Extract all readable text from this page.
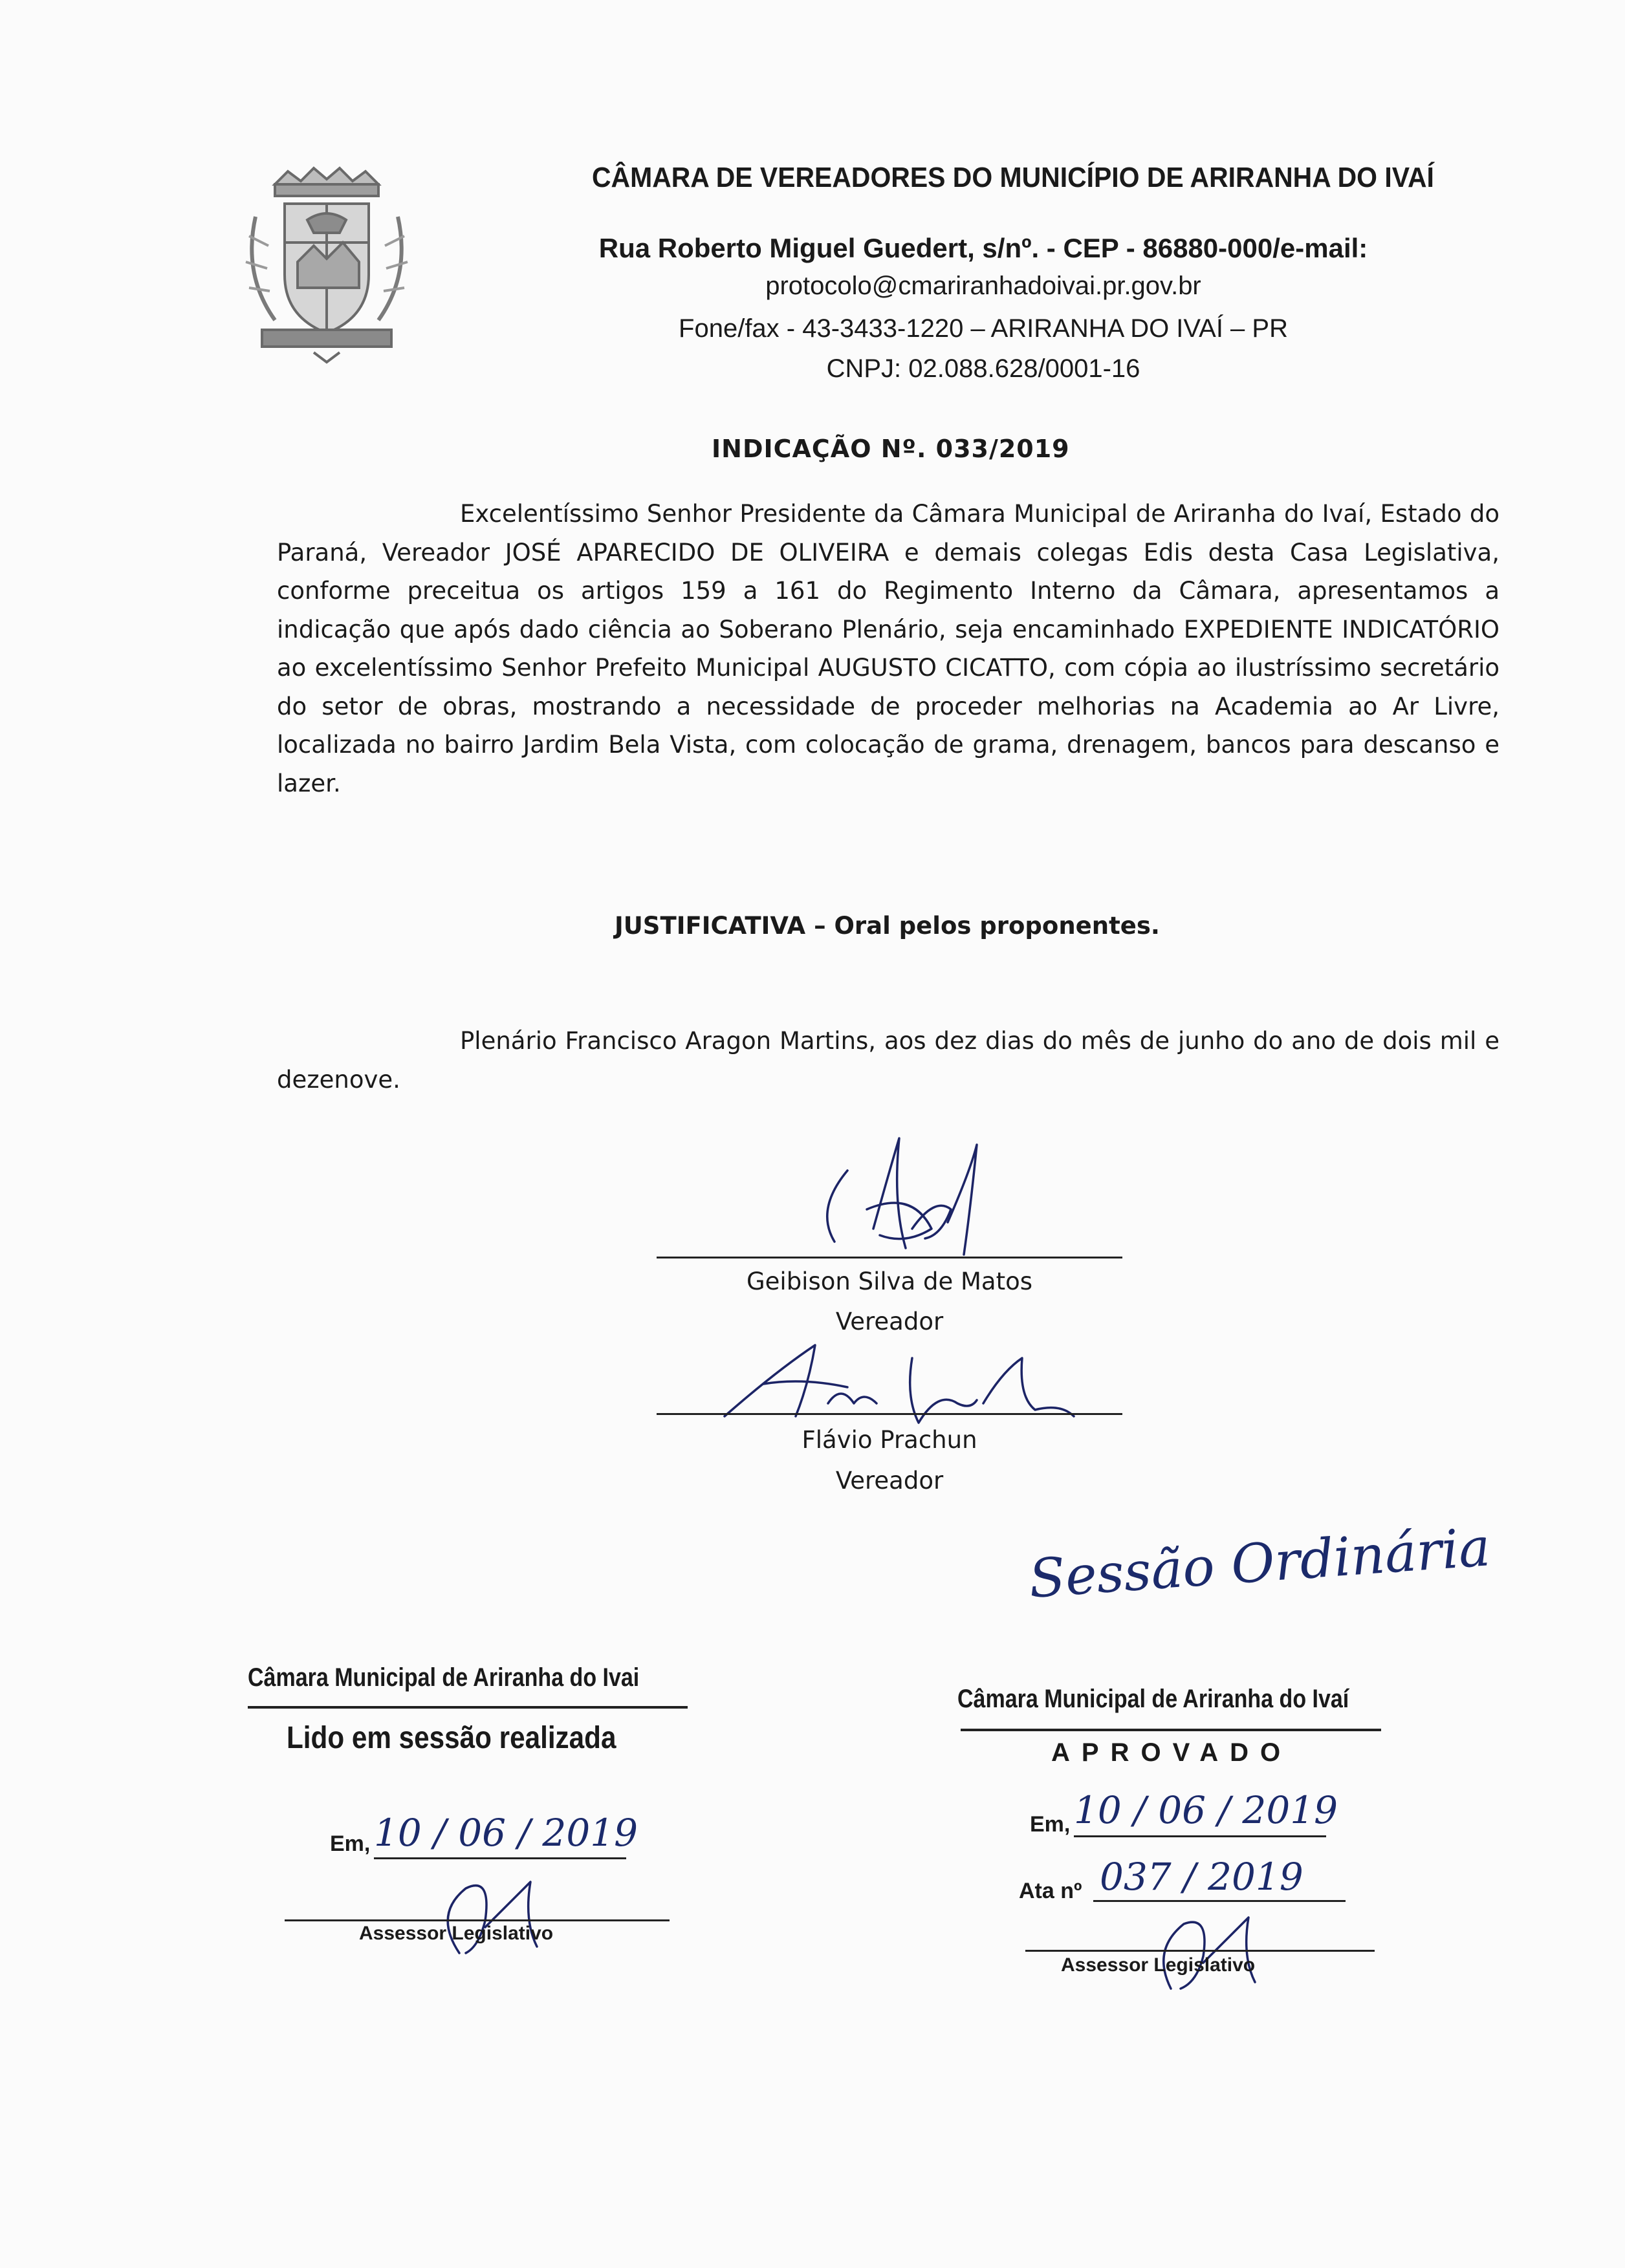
CÂMARA DE VEREADORES DO MUNICÍPIO DE ARIRANHA DO IVAÍ
Rua Roberto Miguel Guedert, s/nº. - CEP - 86880-000/e-mail:
protocolo@cmariranhadoivai.pr.gov.br
Fone/fax - 43-3433-1220 – ARIRANHA DO IVAÍ – PR
CNPJ: 02.088.628/0001-16
INDICAÇÃO Nº. 033/2019

Excelentíssimo Senhor Presidente da Câmara Municipal de Ariranha do Ivaí, Estado do Paraná, Vereador JOSÉ APARECIDO DE OLIVEIRA e demais colegas Edis desta Casa Legislativa, conforme preceitua os artigos 159 a 161 do Regimento Interno da Câmara, apresentamos a indicação que após dado ciência ao Soberano Plenário, seja encaminhado EXPEDIENTE INDICATÓRIO ao excelentíssimo Senhor Prefeito Municipal AUGUSTO CICATTO, com cópia ao ilustríssimo secretário do setor de obras, mostrando a necessidade de proceder melhorias na Academia ao Ar Livre, localizada no bairro Jardim Bela Vista, com colocação de grama, drenagem, bancos para descanso e lazer.

JUSTIFICATIVA – Oral pelos proponentes.

Plenário Francisco Aragon Martins, aos dez dias do mês de junho do ano de dois mil e dezenove.

Geibison Silva de Matos
Vereador
Flávio Prachun
Vereador
Sessão Ordinária
Câmara Municipal de Ariranha do Ivai
Lido em sessão realizada
Em, 10 / 06 / 2019
Assessor Legislativo
Câmara Municipal de Ariranha do Ivaí
APROVADO
Em, 10 / 06 / 2019
Ata nº 037 / 2019
Assessor Legislativo
